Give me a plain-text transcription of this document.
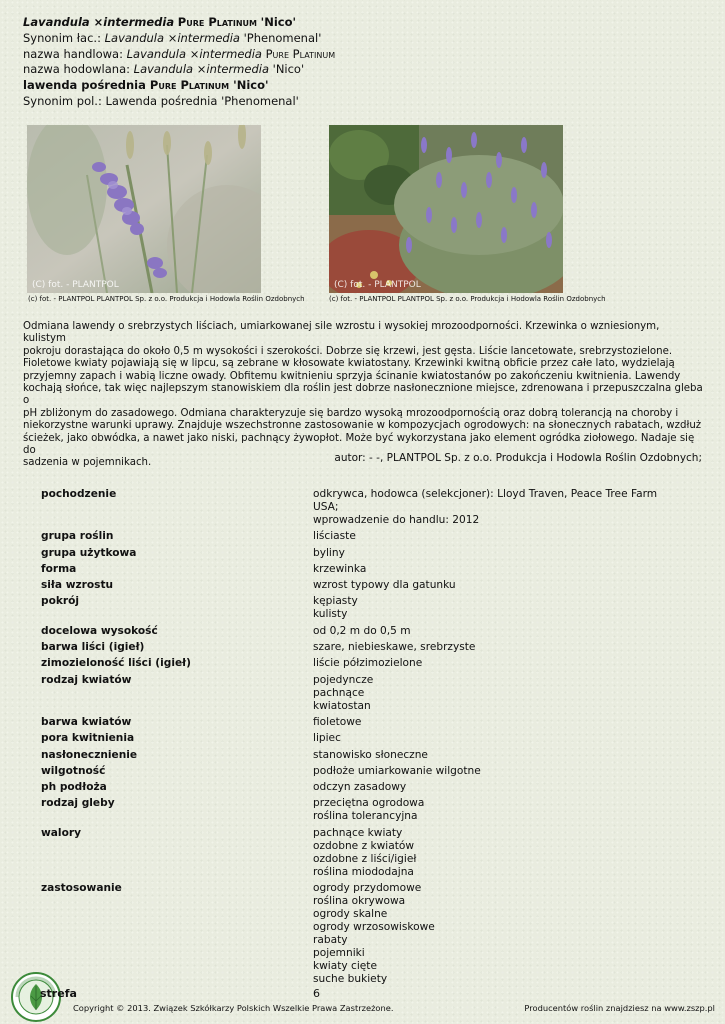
Lavandula ×intermedia Pure Platinum 'Nico'
Synonim łac.: Lavandula ×intermedia 'Phenomenal'
nazwa handlowa: Lavandula ×intermedia Pure Platinum
nazwa hodowlana: Lavandula ×intermedia 'Nico'
lawenda pośrednia Pure Platinum 'Nico'
Synonim pol.: Lawenda pośrednia 'Phenomenal'
(C) fot. - PLANTPOL
(c) fot. - PLANTPOL PLANTPOL Sp. z o.o. Produkcja i Hodowla Roślin Ozdobnych
(C) fot. - PLANTPOL
(c) fot. - PLANTPOL PLANTPOL Sp. z o.o. Produkcja i Hodowla Roślin Ozdobnych
Odmiana lawendy o srebrzystych liściach, umiarkowanej sile wzrostu i wysokiej mrozoodporności. Krzewinka o wzniesionym, kulistym
pokroju dorastająca do około 0,5 m wysokości i szerokości. Dobrze się krzewi, jest gęsta. Liście lancetowate, srebrzystozielone.
Fioletowe kwiaty pojawiają się w lipcu, są zebrane w kłosowate kwiatostany. Krzewinki kwitną obficie przez całe lato, wydzielają
przyjemny zapach i wabią liczne owady. Obfitemu kwitnieniu sprzyja ścinanie kwiatostanów po zakończeniu kwitnienia. Lawendy
kochają słońce, tak więc najlepszym stanowiskiem dla roślin jest dobrze nasłonecznione miejsce, zdrenowana i przepuszczalna gleba o
pH zbliżonym do zasadowego. Odmiana charakteryzuje się bardzo wysoką mrozoodpornością oraz dobrą tolerancją na choroby i
niekorzystne warunki uprawy. Znajduje wszechstronne zastosowanie w kompozycjach ogrodowych: na słonecznych rabatach, wzdłuż
ścieżek, jako obwódka, a nawet jako niski, pachnący żywopłot. Może być wykorzystana jako element ogródka ziołowego. Nadaje się do
sadzenia w pojemnikach.	autor: - -, PLANTPOL Sp. z o.o. Produkcja i Hodowla Roślin Ozdobnych;
pochodzenie	odkrywca, hodowca (selekcjoner): Lloyd Traven, Peace Tree Farm USA;
wprowadzenie do handlu: 2012
grupa roślin	liściaste
grupa użytkowa	byliny
forma	krzewinka
siła wzrostu	wzrost typowy dla gatunku
pokrój	kępiasty
kulisty
docelowa wysokość	od 0,2 m do 0,5 m
barwa liści (igieł)	szare, niebieskawe, srebrzyste
zimozieloność liści (igieł)	liście półzimozielone
rodzaj kwiatów	pojedyncze
pachnące
kwiatostan
barwa kwiatów	fioletowe
pora kwitnienia	lipiec
nasłonecznienie	stanowisko słoneczne
wilgotność	podłoże umiarkowanie wilgotne
ph podłoża	odczyn zasadowy
rodzaj gleby	przeciętna ogrodowa
roślina tolerancyjna
walory	pachnące kwiaty
ozdobne z kwiatów
ozdobne z liści/igieł
roślina miododajna
zastosowanie	ogrody przydomowe
roślina okrywowa
ogrody skalne
ogrody wrzosowiskowe
rabaty
pojemniki
kwiaty cięte
suche bukiety
strefa	6
Copyright © 2013. Związek Szkółkarzy Polskich Wszelkie Prawa Zastrzeżone.	Producentów roślin znajdziesz na www.zszp.pl
